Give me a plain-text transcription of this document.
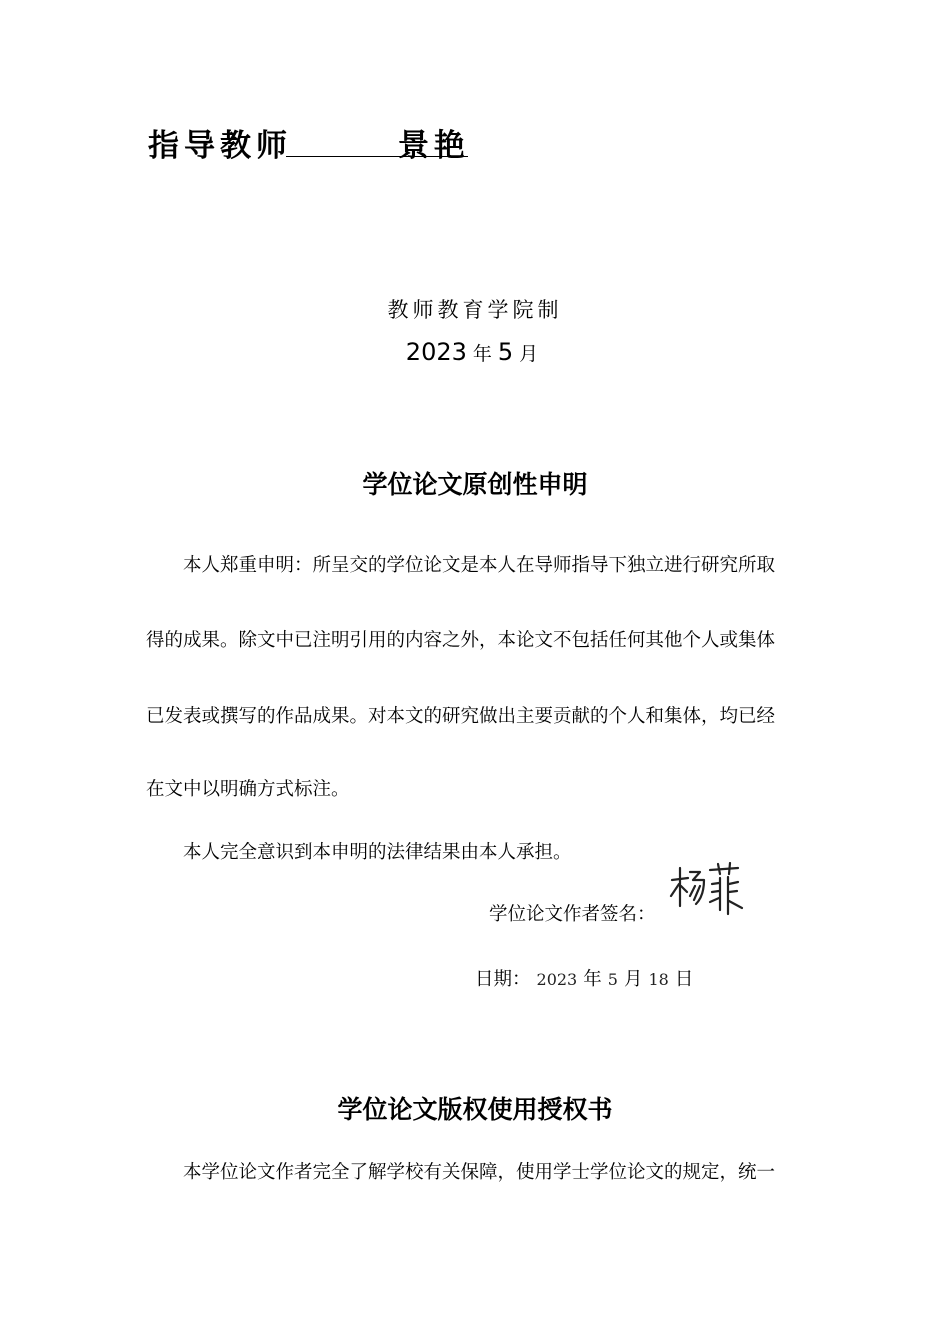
指导教师	景艳
教师教育学院制
2023 年 5 月
学位论文原创性申明
本人郑重申明：所呈交的学位论文是本人在导师指导下独立进行研究所取
得的成果。除文中已注明引用的内容之外，本论文不包括任何其他个人或集体
已发表或撰写的作品成果。对本文的研究做出主要贡献的个人和集体，均已经
在文中以明确方式标注。
本人完全意识到本申明的法律结果由本人承担。
学位论文作者签名：
日期： 2023 年 5 月 18 日
学位论文版权使用授权书
本学位论文作者完全了解学校有关保障，使用学士学位论文的规定，统一
